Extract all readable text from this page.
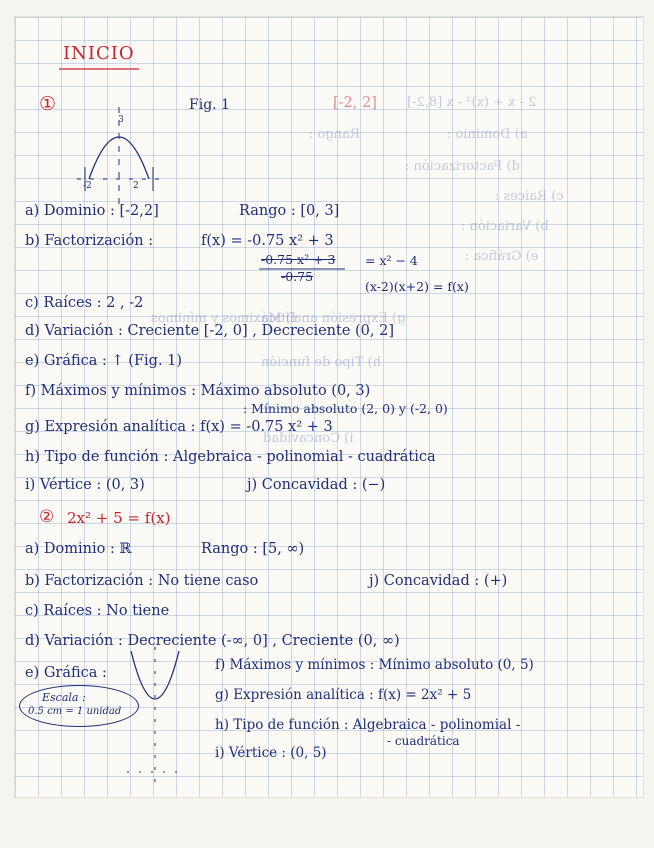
2 - x + (x)³ - x [8,2-]
Rango :	a) Dominio :
d) Factorización :
c) Raíces :
b) Variación :
e) Gráfica :
f) Máximos y mínimos
g) Expresión analítica
h) Tipo de función
i) Concavidad
INICIO
①	Fig. 1	[-2, 2]
3
-2	2
a) Dominio : [-2,2]	Rango : [0, 3]
b) Factorización :	f(x) = -0.75 x² + 3
-0.75 x² + 3
-0.75
= x² − 4
(x-2)(x+2) = f(x)
c) Raíces : 2 , -2
d) Variación : Creciente [-2, 0] , Decreciente (0, 2]
e) Gráfica : ↑ (Fig. 1)
f) Máximos y mínimos : Máximo absoluto (0, 3)
: Mínimo absoluto (2, 0) y (-2, 0)
g) Expresión analítica : f(x) = -0.75 x² + 3
h) Tipo de función : Algebraica - polinomial - cuadrática
i) Vértice : (0, 3)	j) Concavidad : (−)
② 2x² + 5 = f(x)
a) Dominio : ℝ	Rango : [5, ∞)
b) Factorización : No tiene caso	j) Concavidad : (+)
c) Raíces : No tiene
d) Variación : Decreciente (-∞, 0] , Creciente (0, ∞)
e) Gráfica :
Escala :
0.5 cm = 1 unidad
f) Máximos y mínimos : Mínimo absoluto (0, 5)
g) Expresión analítica : f(x) = 2x² + 5
h) Tipo de función : Algebraica - polinomial -
- cuadrática
i) Vértice : (0, 5)
